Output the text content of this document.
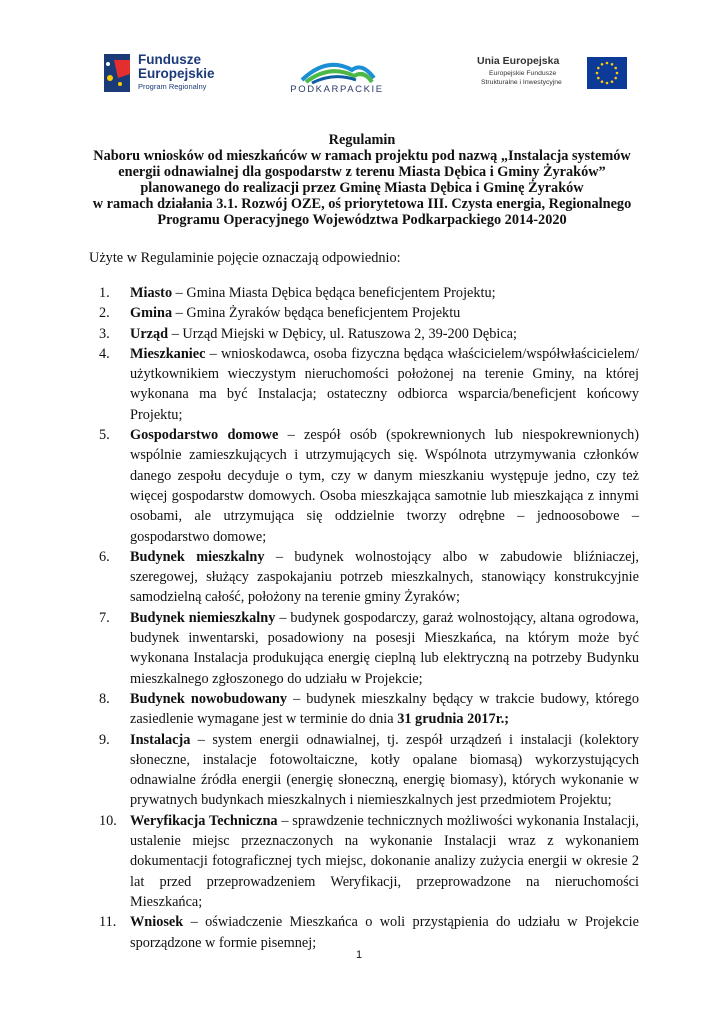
Fundusze
Europejskie
Program Regionalny	PODKARPACKIE
Unia Europejska
Europejskie Fundusze
Strukturalne i Inwestycyjne
Regulamin
Naboru wniosków od mieszkańców w ramach projektu pod nazwą „Instalacja systemów
energii odnawialnej dla gospodarstw z terenu Miasta Dębica i Gminy Żyraków”
planowanego do realizacji przez Gminę Miasta Dębica i Gminę Żyraków
w ramach działania 3.1. Rozwój OZE, oś priorytetowa III. Czysta energia, Regionalnego
Programu Operacyjnego Województwa Podkarpackiego 2014-2020
Użyte w Regulaminie pojęcie oznaczają odpowiednio:
1. Miasto – Gmina Miasta Dębica będąca beneficjentem Projektu;
2. Gmina – Gmina Żyraków będąca beneficjentem Projektu
3. Urząd – Urząd Miejski w Dębicy, ul. Ratuszowa 2, 39-200 Dębica;
4. Mieszkaniec – wnioskodawca, osoba fizyczna będąca właścicielem/współwłaścicielem/ użytkownikiem wieczystym nieruchomości położonej na terenie Gminy, na której wykonana ma być Instalacja; ostateczny odbiorca wsparcia/beneficjent końcowy Projektu;
5. Gospodarstwo domowe – zespół osób (spokrewnionych lub niespokrewnionych) wspólnie zamieszkujących i utrzymujących się. Wspólnota utrzymywania członków danego zespołu decyduje o tym, czy w danym mieszkaniu występuje jedno, czy też więcej gospodarstw domowych. Osoba mieszkająca samotnie lub mieszkająca z innymi osobami, ale utrzymująca się oddzielnie tworzy odrębne – jednoosobowe – gospodarstwo domowe;
6. Budynek mieszkalny – budynek wolnostojący albo w zabudowie bliźniaczej, szeregowej, służący zaspokajaniu potrzeb mieszkalnych, stanowiący konstrukcyjnie samodzielną całość, położony na terenie gminy Żyraków;
7. Budynek niemieszkalny – budynek gospodarczy, garaż wolnostojący, altana ogrodowa, budynek inwentarski, posadowiony na posesji Mieszkańca, na którym może być wykonana Instalacja produkująca energię cieplną lub elektryczną na potrzeby Budynku mieszkalnego zgłoszonego do udziału w Projekcie;
8. Budynek nowobudowany – budynek mieszkalny będący w trakcie budowy, którego zasiedlenie wymagane jest w terminie do dnia 31 grudnia 2017r.;
9. Instalacja – system energii odnawialnej, tj. zespół urządzeń i instalacji (kolektory słoneczne, instalacje fotowoltaiczne, kotły opalane biomasą) wykorzystujących odnawialne źródła energii (energię słoneczną, energię biomasy), których wykonanie w prywatnych budynkach mieszkalnych i niemieszkalnych jest przedmiotem Projektu;
10. Weryfikacja Techniczna – sprawdzenie technicznych możliwości wykonania Instalacji, ustalenie miejsc przeznaczonych na wykonanie Instalacji wraz z wykonaniem dokumentacji fotograficznej tych miejsc, dokonanie analizy zużycia energii w okresie 2 lat przed przeprowadzeniem Weryfikacji, przeprowadzone na nieruchomości Mieszkańca;
11. Wniosek – oświadczenie Mieszkańca o woli przystąpienia do udziału w Projekcie sporządzone w formie pisemnej;
1
